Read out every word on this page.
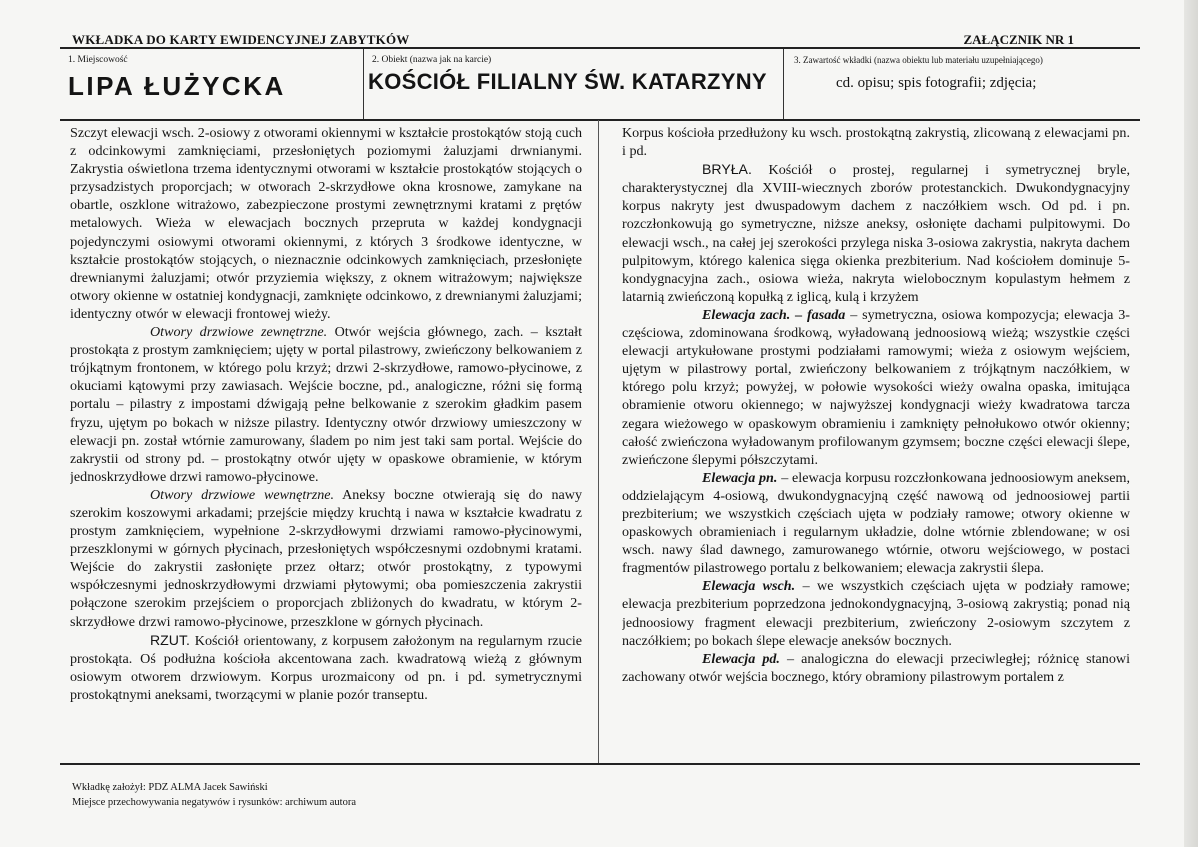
WKŁADKA DO KARTY EWIDENCYJNEJ ZABYTKÓW	ZAŁĄCZNIK NR 1
1. Miejscowość
LIPA ŁUŻYCKA
2. Obiekt (nazwa jak na karcie)
KOŚCIÓŁ FILIALNY ŚW. KATARZYNY
3. Zawartość wkładki (nazwa obiektu lub materiału uzupełniającego)
cd. opisu; spis fotografii; zdjęcia;

Szczyt elewacji wsch. 2-osiowy z otworami okiennymi w kształcie prostokątów stoją cuch z odcinkowymi zamknięciami, przesłoniętych poziomymi żaluzjami drwnianymi. Zakrystia oświetlona trzema identycznymi otworami w kształcie prostokątów stojących o przysadzistych proporcjach; w otworach 2-skrzydłowe okna krosnowe, zamykane na obartle, oszklone witrażowo, zabezpieczone prostymi zewnętrznymi kratami z prętów metalowych. Wieża w elewacjach bocznych przepruta w każdej kondygnacji pojedynczymi osiowymi otworami okiennymi, z których 3 środkowe identyczne, w kształcie prostokątów stojących, o nieznacznie odcinkowych zamknięciach, przesłonięte drewnianymi żaluzjami; otwór przyziemia większy, z oknem witrażowym; największe otwory okienne w ostatniej kondygnacji, zamknięte odcinkowo, z drewnianymi żaluzjami; identyczny otwór w elewacji frontowej wieży.

Otwory drzwiowe zewnętrzne. Otwór wejścia głównego, zach. – kształt prostokąta z prostym zamknięciem; ujęty w portal pilastrowy, zwieńczony belkowaniem z trójkątnym frontonem, w którego polu krzyż; drzwi 2-skrzydłowe, ramowo-płycinowe, z okuciami kątowymi przy zawiasach. Wejście boczne, pd., analogiczne, różni się formą portalu – pilastry z impostami dźwigają pełne belkowanie z szerokim gładkim pasem fryzu, ujętym po bokach w niższe pilastry. Identyczny otwór drzwiowy umieszczony w elewacji pn. został wtórnie zamurowany, śladem po nim jest taki sam portal. Wejście do zakrystii od strony pd. – prostokątny otwór ujęty w opaskowe obramienie, w którym jednoskrzydłowe drzwi ramowo-płycinowe.

Otwory drzwiowe wewnętrzne. Aneksy boczne otwierają się do nawy szerokim koszowymi arkadami; przejście między kruchtą i nawa w kształcie kwadratu z prostym zamknięciem, wypełnione 2-skrzydłowymi drzwiami ramowo-płycinowymi, przeszklonymi w górnych płycinach, przesłoniętych współczesnymi ozdobnymi kratami. Wejście do zakrystii zasłonięte przez ołtarz; otwór prostokątny, z typowymi współczesnymi jednoskrzydłowymi drzwiami płytowymi; oba pomieszczenia zakrystii połączone szerokim przejściem o proporcjach zbliżonych do kwadratu, w którym 2-skrzydłowe drzwi ramowo-płycinowe, przeszklone w górnych płycinach.

RZUT. Kościół orientowany, z korpusem założonym na regularnym rzucie prostokąta. Oś podłużna kościoła akcentowana zach. kwadratową wieżą z głównym osiowym otworem drzwiowym. Korpus urozmaicony od pn. i pd. symetrycznymi prostokątnymi aneksami, tworzącymi w planie pozór transeptu.

Korpus kościoła przedłużony ku wsch. prostokątną zakrystią, zlicowaną z elewacjami pn. i pd.

BRYŁA. Kościół o prostej, regularnej i symetrycznej bryle, charakterystycznej dla XVIII-wiecznych zborów protestanckich. Dwukondygnacyjny korpus nakryty jest dwuspadowym dachem z naczółkiem wsch. Od pd. i pn. rozczłonkowują go symetryczne, niższe aneksy, osłonięte dachami pulpitowymi. Do elewacji wsch., na całej jej szerokości przylega niska 3-osiowa zakrystia, nakryta dachem pulpitowym, którego kalenica sięga okienka prezbiterium. Nad kościołem dominuje 5-kondygnacyjna zach., osiowa wieża, nakryta wielobocznym kopulastym hełmem z latarnią zwieńczoną kopułką z iglicą, kulą i krzyżem

Elewacja zach. – fasada – symetryczna, osiowa kompozycja; elewacja 3-częściowa, zdominowana środkową, wyładowaną jednoosiową wieżą; wszystkie części elewacji artykułowane prostymi podziałami ramowymi; wieża z osiowym wejściem, ujętym w pilastrowy portal, zwieńczony belkowaniem z trójkątnym naczółkiem, w którego polu krzyż; powyżej, w połowie wysokości wieży owalna opaska, imitująca obramienie otworu okiennego; w najwyższej kondygnacji wieży kwadratowa tarcza zegara wieżowego w opaskowym obramieniu i zamknięty pełnołukowo otwór okienny; całość zwieńczona wyładowanym profilowanym gzymsem; boczne części elewacji ślepe, zwieńczone ślepymi półszczytami.

Elewacja pn. – elewacja korpusu rozczłonkowana jednoosiowym aneksem, oddzielającym 4-osiową, dwukondygnacyjną część nawową od jednoosiowej partii prezbiterium; we wszystkich częściach ujęta w podziały ramowe; otwory okienne w opaskowych obramieniach i regularnym układzie, dolne wtórnie zblendowane; w osi wsch. nawy ślad dawnego, zamurowanego wtórnie, otworu wejściowego, w postaci fragmentów pilastrowego portalu z belkowaniem; elewacja zakrystii ślepa.

Elewacja wsch. – we wszystkich częściach ujęta w podziały ramowe; elewacja prezbiterium poprzedzona jednokondygnacyjną, 3-osiową zakrystią; ponad nią jednoosiowy fragment elewacji prezbiterium, zwieńczony 2-osiowym szczytem z naczółkiem; po bokach ślepe elewacje aneksów bocznych.

Elewacja pd. – analogiczna do elewacji przeciwległej; różnicę stanowi zachowany otwór wejścia bocznego, który obramiony pilastrowym portalem z

Wkładkę założył: PDZ ALMA Jacek Sawiński
Miejsce przechowywania negatywów i rysunków: archiwum autora
